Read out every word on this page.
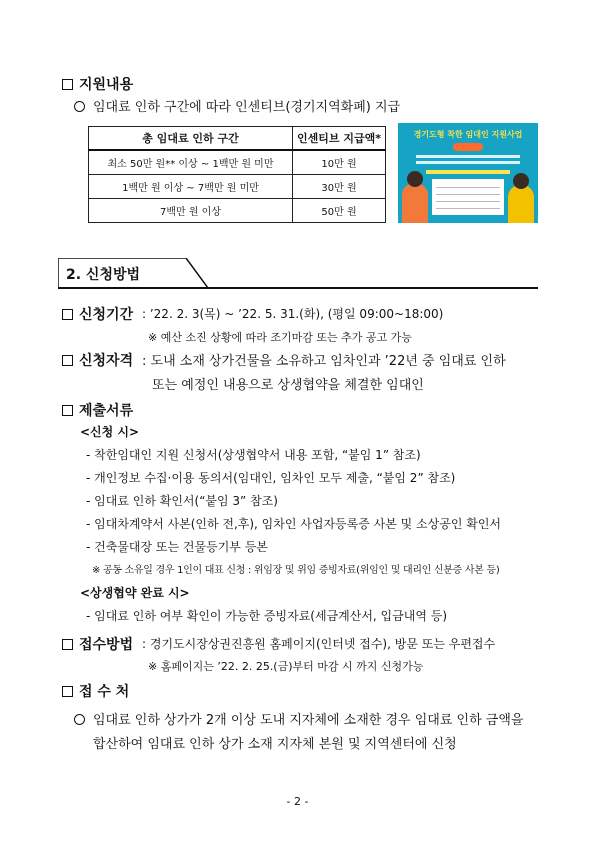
지원내용
임대료 인하 구간에 따라 인센티브(경기지역화폐) 지급
총 임대료 인하 구간	인센티브 지급액*
최소 50만 원** 이상 ~ 1백만 원 미만	10만 원
1백만 원 이상 ~ 7백만 원 미만	30만 원
7백만 원 이상	50만 원
경기도형 착한 임대인 지원사업
2. 신청방법
신청기간 : ’22. 2. 3(목) ~ ’22. 5. 31.(화), (평일 09:00~18:00)
※ 예산 소진 상황에 따라 조기마감 또는 추가 공고 가능
신청자격 : 도내 소재 상가건물을 소유하고 임차인과 ’22년 중 임대료 인하
또는 예정인 내용으로 상생협약을 체결한 임대인
제출서류
<신청 시>
- 착한임대인 지원 신청서(상생협약서 내용 포함, “붙임 1” 참조)
- 개인정보 수집·이용 동의서(임대인, 임차인 모두 제출, “붙임 2” 참조)
- 임대료 인하 확인서(“붙임 3” 참조)
- 임대차계약서 사본(인하 전,후), 임차인 사업자등록증 사본 및 소상공인 확인서
- 건축물대장 또는 건물등기부 등본
※ 공동 소유일 경우 1인이 대표 신청 : 위임장 및 위임 증빙자료(위임인 및 대리인 신분증 사본 등)
<상생협약 완료 시>
- 임대료 인하 여부 확인이 가능한 증빙자료(세금계산서, 입금내역 등)
접수방법 : 경기도시장상권진흥원 홈페이지(인터넷 접수), 방문 또는 우편접수
※ 홈페이지는 ’22. 2. 25.(금)부터 마감 시 까지 신청가능
접 수 처
임대료 인하 상가가 2개 이상 도내 지자체에 소재한 경우 임대료 인하 금액을
합산하여 임대료 인하 상가 소재 지자체 본원 및 지역센터에 신청
- 2 -
